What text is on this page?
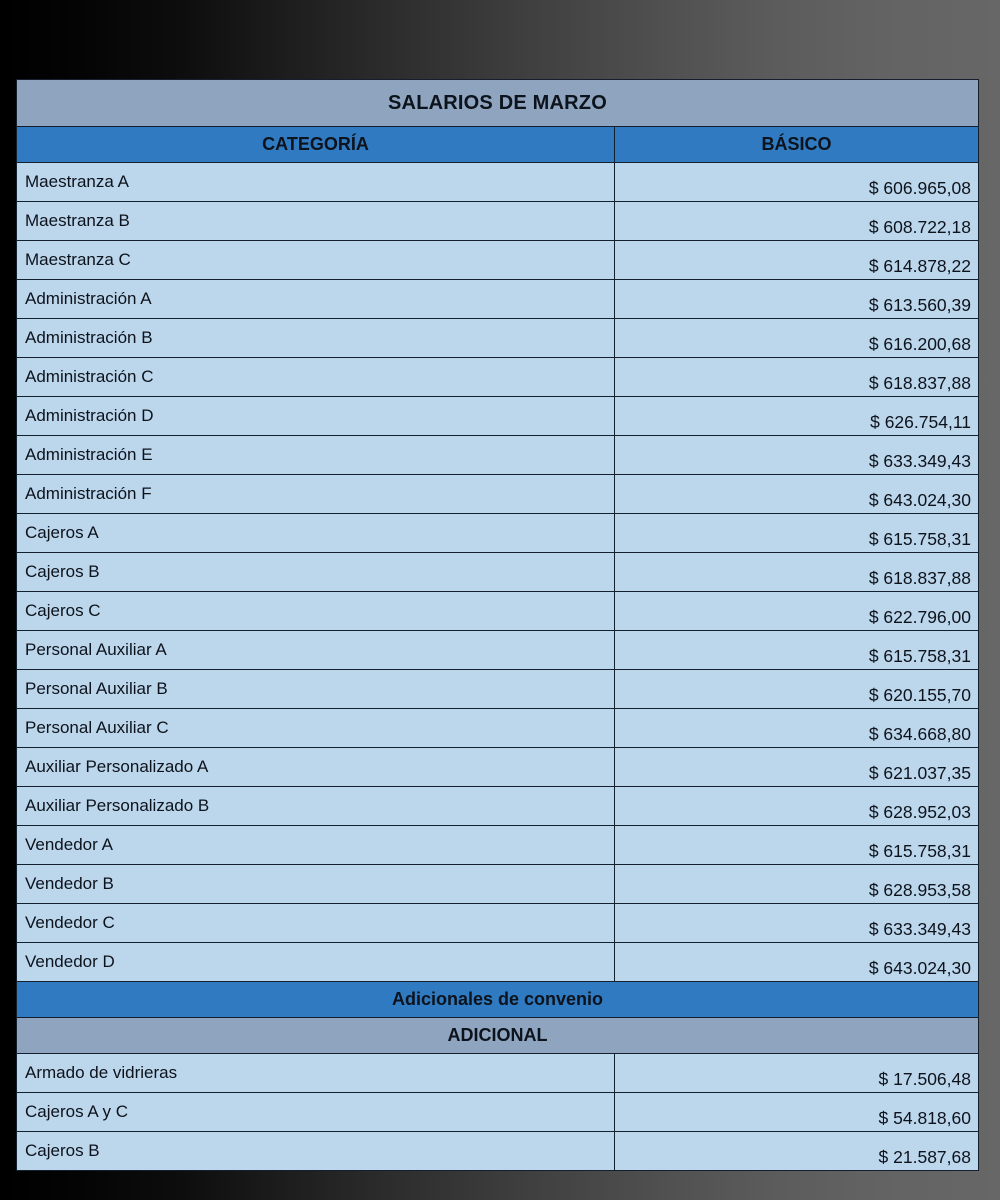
SALARIOS DE MARZO	
CATEGORÍA	BÁSICO
Maestranza A	$ 606.965,08
Maestranza B	$ 608.722,18
Maestranza C	$ 614.878,22
Administración A	$ 613.560,39
Administración B	$ 616.200,68
Administración C	$ 618.837,88
Administración D	$ 626.754,11
Administración E	$ 633.349,43
Administración F	$ 643.024,30
Cajeros A	$ 615.758,31
Cajeros B	$ 618.837,88
Cajeros C	$ 622.796,00
Personal Auxiliar A	$ 615.758,31
Personal Auxiliar B	$ 620.155,70
Personal Auxiliar C	$ 634.668,80
Auxiliar Personalizado A	$ 621.037,35
Auxiliar Personalizado B	$ 628.952,03
Vendedor A	$ 615.758,31
Vendedor B	$ 628.953,58
Vendedor C	$ 633.349,43
Vendedor D	$ 643.024,30
Adicionales de convenio	
ADICIONAL	
Armado de vidrieras	$ 17.506,48
Cajeros A y C	$ 54.818,60
Cajeros B	$ 21.587,68
